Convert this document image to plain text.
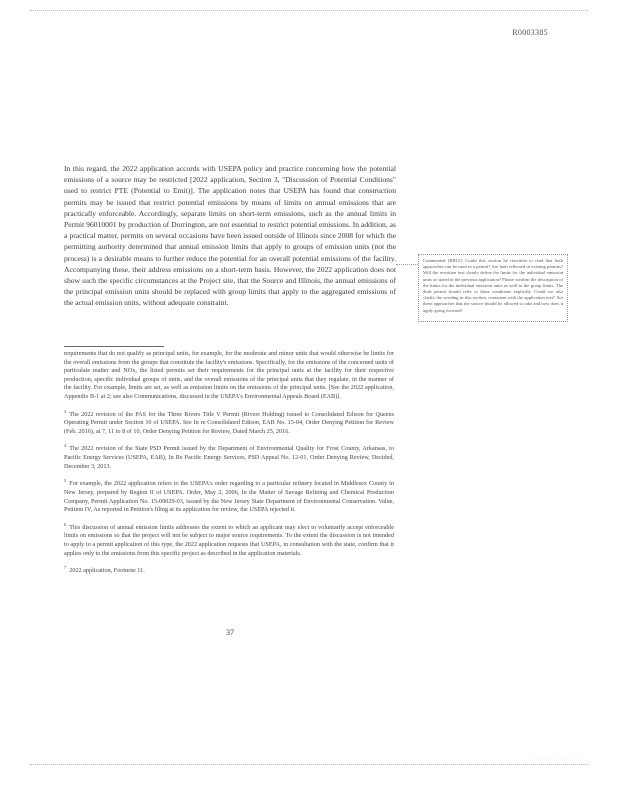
R0003385

In this regard, the 2022 application accords with USEPA policy and practice concerning how the potential emissions of a source may be restricted [2022 application, Section 3, "Discussion of Potential Conditions" used to restrict PTE (Potential to Emit)]. The application notes that USEPA has found that construction permits may be issued that restrict potential emissions by means of limits on annual emissions that are practically enforceable. Accordingly, separate limits on short-term emissions, such as the annual limits in Permit 96010001 by production of Dorrington, are not essential to restrict potential emissions. In addition, as a practical matter, permits on several occasions have been issued outside of Illinois since 2008 for which the permitting authority determined that annual emission limits that apply to groups of emission units (not the process) is a desirable means to further reduce the potential for an overall potential emissions of the facility. Accompanying these, their address emissions on a short-term basis. However, the 2022 application does not show such the specific circumstances at the Project site, that the Source and Illinois, the annual emissions of the principal emission units should be replaced with group limits that apply to the aggregated emissions of the actual emission units, without adequate constraint.

Commented [BB12]: Could this section be rewritten to read that both approaches can be used in a permit? Are both reflected in existing permits? Will the rewritten text clearly define the limits for the individual emission units as stated in the previous application? Please confirm the description of the limits for the individual emission units as well as the group limits. The draft permit should refer to these conditions explicitly. Could we also clarify the wording in this section, consistent with the application text? Are these approaches that the source should be allowed to take and how does it apply going forward?

requirements that do not qualify as principal units, for example, for the moderate and minor units that would otherwise be limits for the overall emissions from the groups that constitute the facility's emissions. Specifically, for the emissions of the concerned units of particulate matter and NOx, the listed permits set their requirements for the principal units at the facility for their respective production, specific individual groups of units, and the overall emissions of the principal units that they regulate, in the manner of the facility. For example, limits are set, as well as emission limits on the emissions of the principal units. [See the 2022 application, Appendix B-1 at 2; see also Communications, discussed in the USEPA's Environmental Appeals Board (EAB)].

$^3$ The 2022 revision of the PAS for the Three Rivers Title V Permit (Rivers Holding) issued to Consolidated Edison for Queens Operating Permit under Section 10 of USEPA. See In re Consolidated Edison, EAB No. 15-04, Order Denying Petition for Review (Feb. 2016), at 7, 11 to 8 of 10, Order Denying Petition for Review, Dated March 25, 2016.
$^4$ The 2022 revision of the State PSD Permit issued by the Department of Environmental Quality for Frost County, Arkansas, to Pacific Energy Services (USEPA, EAB), In Re Pacific Energy Services, PSD Appeal No. 12-01, Order Denying Review, Decided, December 3, 2013.
$^5$ For example, the 2022 application refers to the USEPA's order regarding to a particular refinery located in Middlesex County in New Jersey, prepared by Region II of USEPA. Order, May 2, 2006, In the Matter of Savage Refining and Chemical Production Company, Permit Application No. 15-00029-03, issued by the New Jersey State Department of Environmental Conservation. Value, Petition IV, As reported in Petition's filing at its application for review, the USEPA rejected it.
$^6$ This discussion of annual emission limits addresses the extent to which an applicant may elect to voluntarily accept enforceable limits on emissions so that the project will not be subject to major source requirements. To the extent the discussion is not intended to apply to a permit application of this type, the 2022 application requests that USEPA, in consultation with the state, confirm that it applies only to the emissions from this specific project as described in the application materials.
$^7$ 2022 application, Footnote 11.
37
· · · · · · · · · ·
